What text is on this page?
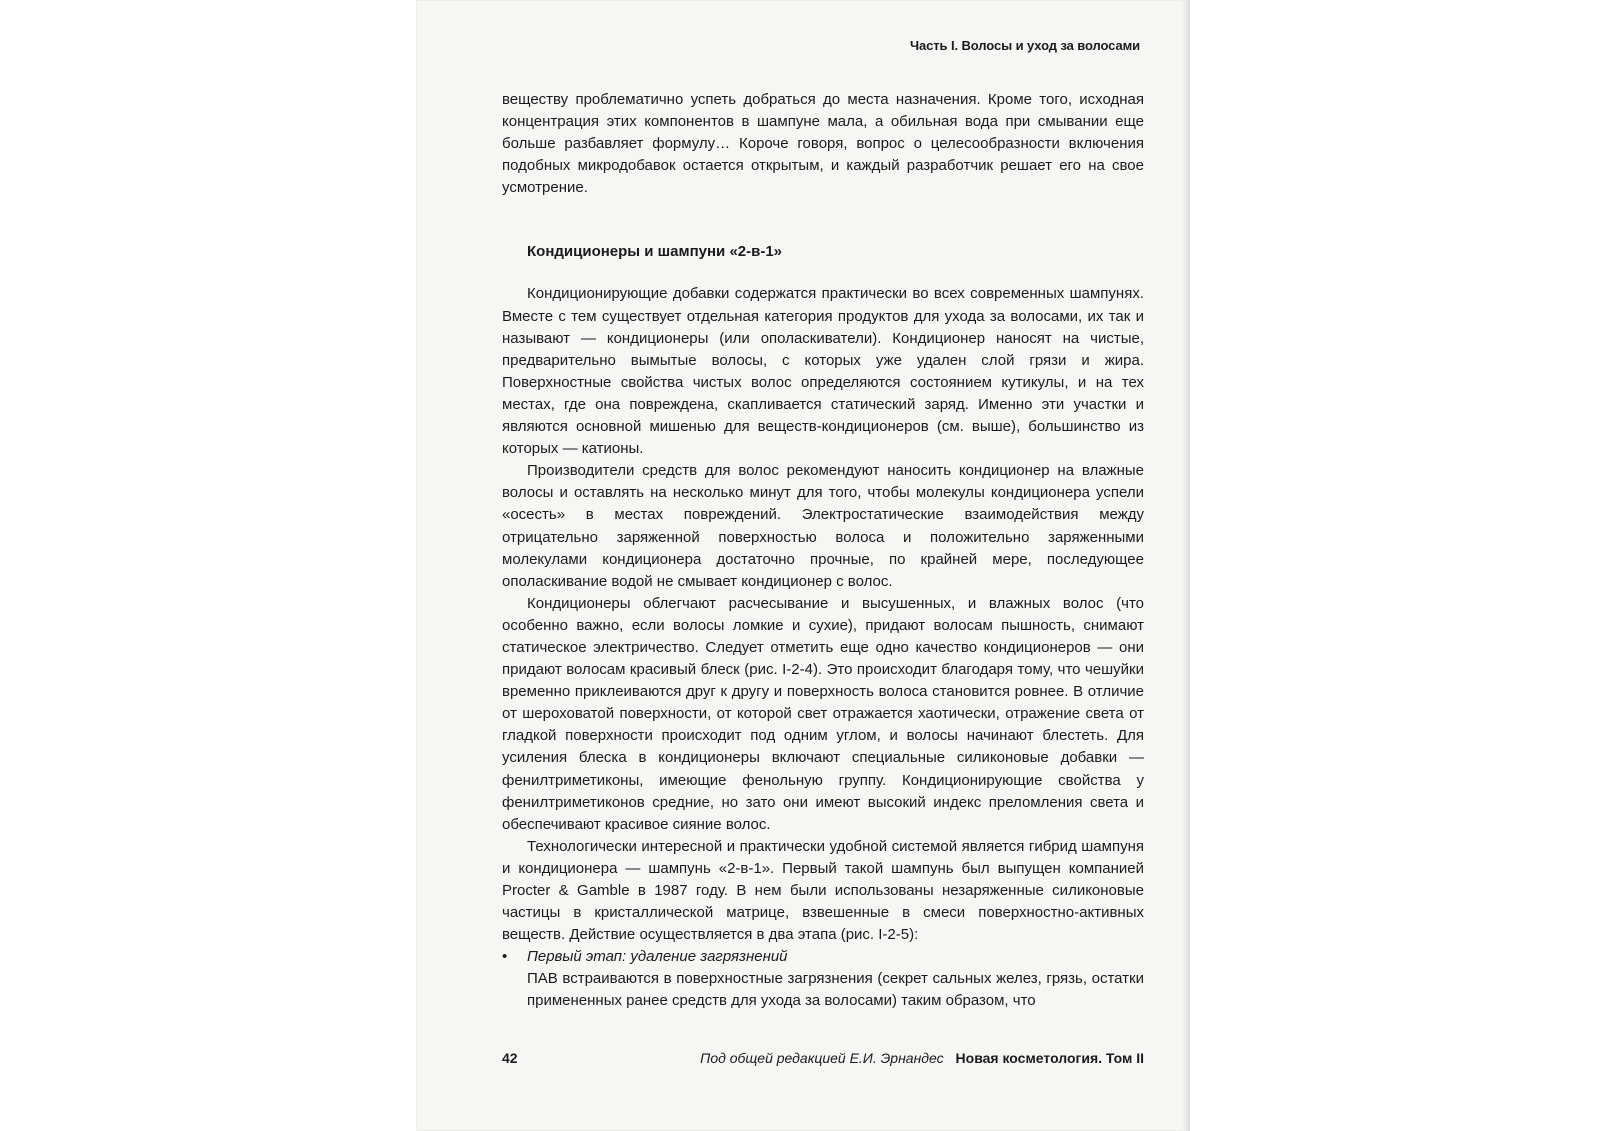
Часть I. Волосы и уход за волосами

веществу проблематично успеть добраться до места назначения. Кроме того, исходная концентрация этих компонентов в шампуне мала, а обильная вода при смывании еще больше разбавляет формулу… Короче говоря, вопрос о целесообразности включения подобных микродобавок остается открытым, и каждый разработчик решает его на свое усмотрение.

Кондиционеры и шампуни «2-в-1»

Кондиционирующие добавки содержатся практически во всех современных шампунях. Вместе с тем существует отдельная категория продуктов для ухода за волосами, их так и называют — кондиционеры (или ополаскиватели). Кондиционер наносят на чистые, предварительно вымытые волосы, с которых уже удален слой грязи и жира. Поверхностные свойства чистых волос определяются состоянием кутикулы, и на тех местах, где она повреждена, скапливается статический заряд. Именно эти участки и являются основной мишенью для веществ-кондиционеров (см. выше), большинство из которых — катионы.

Производители средств для волос рекомендуют наносить кондиционер на влажные волосы и оставлять на несколько минут для того, чтобы молекулы кондиционера успели «осесть» в местах повреждений. Электростатические взаимодействия между отрицательно заряженной поверхностью волоса и положительно заряженными молекулами кондиционера достаточно прочные, по крайней мере, последующее ополаскивание водой не смывает кондиционер с волос.

Кондиционеры облегчают расчесывание и высушенных, и влажных волос (что особенно важно, если волосы ломкие и сухие), придают волосам пышность, снимают статическое электричество. Следует отметить еще одно качество кондиционеров — они придают волосам красивый блеск (рис. I-2-4). Это происходит благодаря тому, что чешуйки временно приклеиваются друг к другу и поверхность волоса становится ровнее. В отличие от шероховатой поверхности, от которой свет отражается хаотически, отражение света от гладкой поверхности происходит под одним углом, и волосы начинают блестеть. Для усиления блеска в кондиционеры включают специальные силиконовые добавки — фенилтриметиконы, имеющие фенольную группу. Кондиционирующие свойства у фенилтриметиконов средние, но зато они имеют высокий индекс преломления света и обеспечивают красивое сияние волос.

Технологически интересной и практически удобной системой является гибрид шампуня и кондиционера — шампунь «2-в-1». Первый такой шампунь был выпущен компанией Procter & Gamble в 1987 году. В нем были использованы незаряженные силиконовые частицы в кристаллической матрице, взвешенные в смеси поверхностно-активных веществ. Действие осуществляется в два этапа (рис. I-2-5):

•	Первый этап: удаление загрязнений
ПАВ встраиваются в поверхностные загрязнения (секрет сальных желез, грязь, остатки примененных ранее средств для ухода за волосами) таким образом, что
42	Под общей редакцией Е.И. Эрнандес Новая косметология. Том II
